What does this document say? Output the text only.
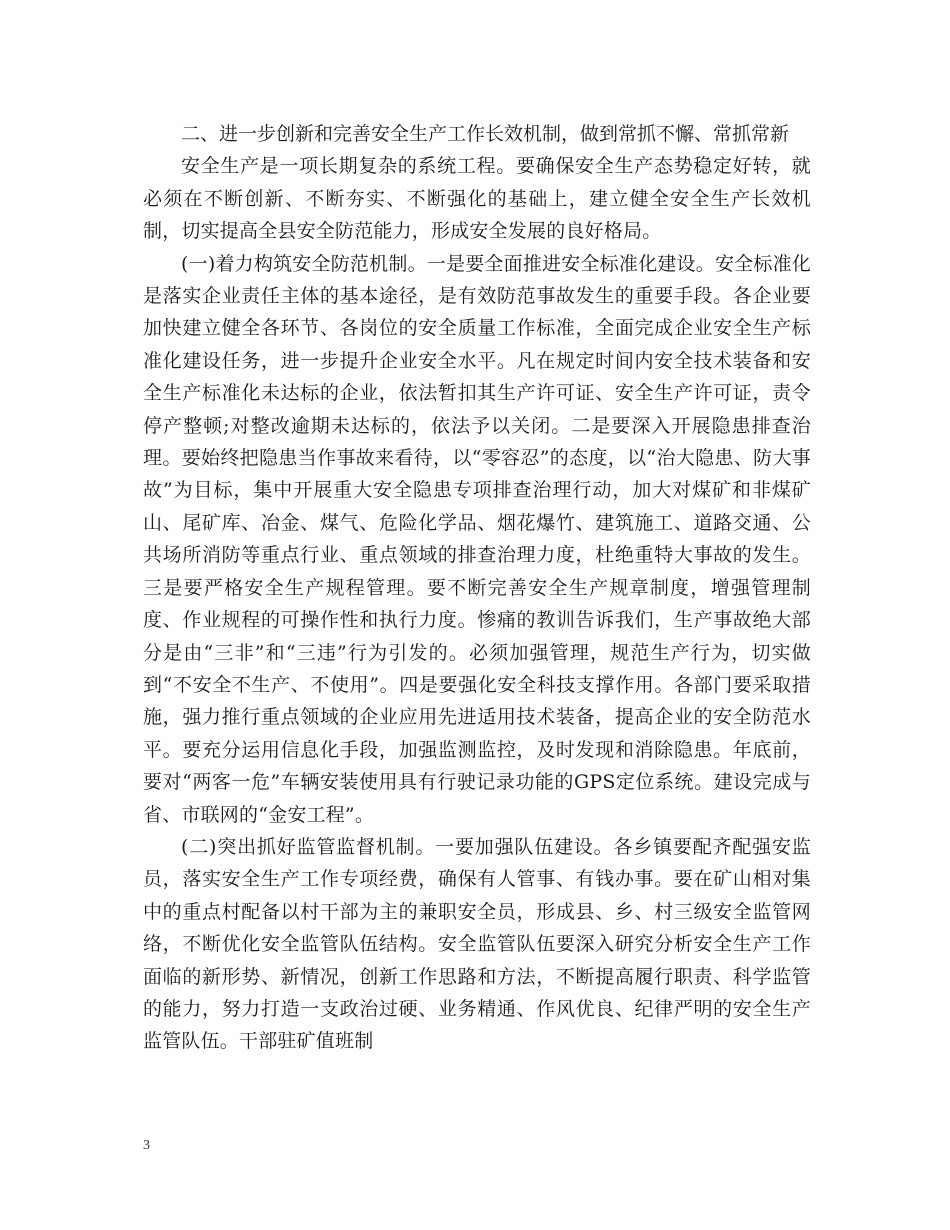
二、进一步创新和完善安全生产工作长效机制，做到常抓不懈、常抓常新

安全生产是一项长期复杂的系统工程。要确保安全生产态势稳定好转，就必须在不断创新、不断夯实、不断强化的基础上，建立健全安全生产长效机制，切实提高全县安全防范能力，形成安全发展的良好格局。

(一)着力构筑安全防范机制。一是要全面推进安全标准化建设。安全标准化是落实企业责任主体的基本途径，是有效防范事故发生的重要手段。各企业要加快建立健全各环节、各岗位的安全质量工作标准，全面完成企业安全生产标准化建设任务，进一步提升企业安全水平。凡在规定时间内安全技术装备和安全生产标准化未达标的企业，依法暂扣其生产许可证、安全生产许可证，责令停产整顿;对整改逾期未达标的，依法予以关闭。二是要深入开展隐患排查治理。要始终把隐患当作事故来看待，以“零容忍”的态度，以“治大隐患、防大事故”为目标，集中开展重大安全隐患专项排查治理行动，加大对煤矿和非煤矿山、尾矿库、冶金、煤气、危险化学品、烟花爆竹、建筑施工、道路交通、公共场所消防等重点行业、重点领域的排查治理力度，杜绝重特大事故的发生。三是要严格安全生产规程管理。要不断完善安全生产规章制度，增强管理制度、作业规程的可操作性和执行力度。惨痛的教训告诉我们，生产事故绝大部分是由“三非”和“三违”行为引发的。必须加强管理，规范生产行为，切实做到“不安全不生产、不使用”。四是要强化安全科技支撑作用。各部门要采取措施，强力推行重点领域的企业应用先进适用技术装备，提高企业的安全防范水平。要充分运用信息化手段，加强监测监控，及时发现和消除隐患。年底前，要对“两客一危”车辆安装使用具有行驶记录功能的GPS定位系统。建设完成与省、市联网的“金安工程”。

(二)突出抓好监管监督机制。一要加强队伍建设。各乡镇要配齐配强安监员，落实安全生产工作专项经费，确保有人管事、有钱办事。要在矿山相对集中的重点村配备以村干部为主的兼职安全员，形成县、乡、村三级安全监管网络，不断优化安全监管队伍结构。安全监管队伍要深入研究分析安全生产工作面临的新形势、新情况，创新工作思路和方法，不断提高履行职责、科学监管的能力，努力打造一支政治过硬、业务精通、作风优良、纪律严明的安全生产监管队伍。干部驻矿值班制

3
